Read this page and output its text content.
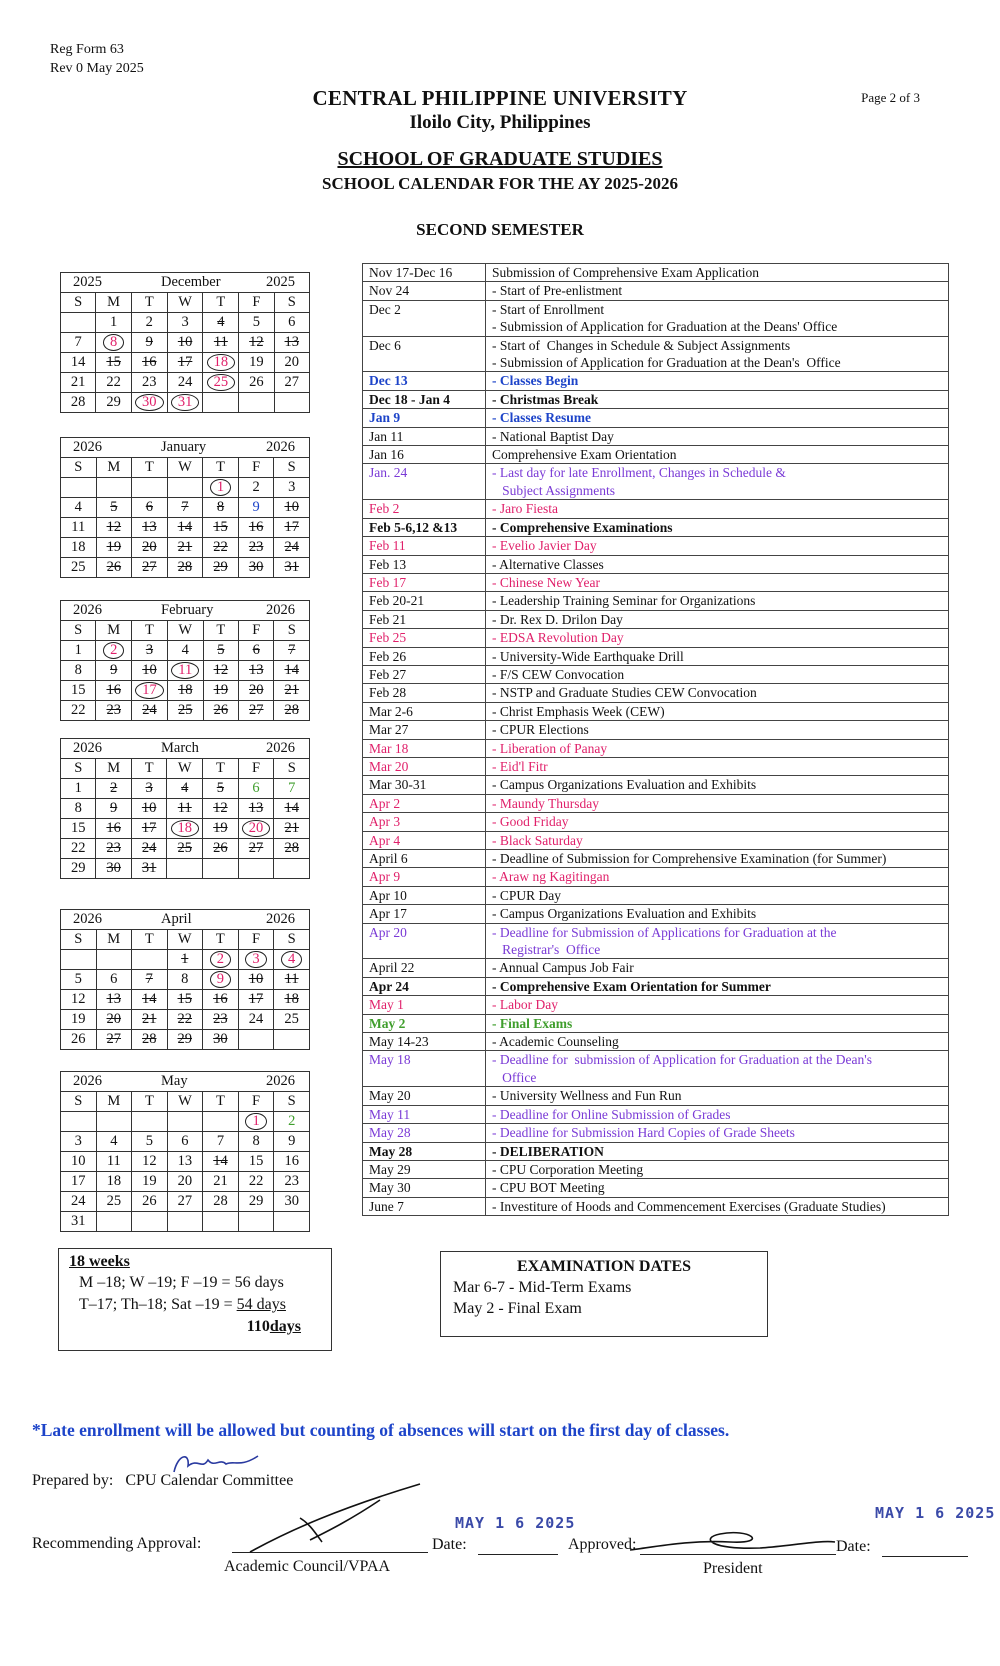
Reg Form 63
Rev 0 May 2025
Page 2 of 3
CENTRAL PHILIPPINE UNIVERSITY
Iloilo City, Philippines
SCHOOL OF GRADUATE STUDIES
SCHOOL CALENDAR FOR THE AY 2025-2026
SECOND SEMESTER
2025 December 2025						

S	M	T	W	T	F	S
	1	2	3	4	5	6
7	8	9	10	11	12	13
14	15	16	17	18	19	20
21	22	23	24	25	26	27
28	29	30	31			
2026 January 2026						

S	M	T	W	T	F	S
				1	2	3
4	5	6	7	8	9	10
11	12	13	14	15	16	17
18	19	20	21	22	23	24
25	26	27	28	29	30	31
2026 February 2026						

S	M	T	W	T	F	S
1	2	3	4	5	6	7
8	9	10	11	12	13	14
15	16	17	18	19	20	21
22	23	24	25	26	27	28
2026 March 2026						

S	M	T	W	T	F	S
1	2	3	4	5	6	7
8	9	10	11	12	13	14
15	16	17	18	19	20	21
22	23	24	25	26	27	28
29	30	31				
2026 April 2026						

S	M	T	W	T	F	S
			1	2	3	4
5	6	7	8	9	10	11
12	13	14	15	16	17	18
19	20	21	22	23	24	25
26	27	28	29	30		
2026 May 2026						

S	M	T	W	T	F	S
					1	2
3	4	5	6	7	8	9
10	11	12	13	14	15	16
17	18	19	20	21	22	23
24	25	26	27	28	29	30
31						
Nov 17-Dec 16	Submission of Comprehensive Exam Application

Nov 24	- Start of Pre-enlistment

Dec 2	- Start of Enrollment
- Submission of Application for Graduation at the Deans' Office

Dec 6	- Start of  Changes in Schedule & Subject Assignments
- Submission of Application for Graduation at the Dean's  Office

Dec 13	- Classes Begin

Dec 18 - Jan 4	- Christmas Break

Jan 9	- Classes Resume

Jan 11	- National Baptist Day

Jan 16	Comprehensive Exam Orientation

Jan. 24	- Last day for late Enrollment, Changes in Schedule &
Subject Assignments

Feb 2	- Jaro Fiesta

Feb 5-6,12 &13	- Comprehensive Examinations

Feb 11	- Evelio Javier Day

Feb 13	- Alternative Classes

Feb 17	- Chinese New Year

Feb 20-21	- Leadership Training Seminar for Organizations

Feb 21	- Dr. Rex D. Drilon Day

Feb 25	- EDSA Revolution Day

Feb 26	- University-Wide Earthquake Drill

Feb 27	- F/S CEW Convocation

Feb 28	- NSTP and Graduate Studies CEW Convocation

Mar 2-6	- Christ Emphasis Week (CEW)

Mar 27	- CPUR Elections

Mar 18	- Liberation of Panay

Mar 20	- Eid'l Fitr

Mar 30-31	- Campus Organizations Evaluation and Exhibits

Apr 2	- Maundy Thursday

Apr 3	- Good Friday

Apr 4	- Black Saturday

April 6	- Deadline of Submission for Comprehensive Examination (for Summer)

Apr 9	- Araw ng Kagitingan

Apr 10	- CPUR Day

Apr 17	- Campus Organizations Evaluation and Exhibits

Apr 20	- Deadline for Submission of Applications for Graduation at the
Registrar's  Office

April 22	- Annual Campus Job Fair

Apr 24	- Comprehensive Exam Orientation for Summer

May 1	- Labor Day

May 2	- Final Exams

May 14-23	- Academic Counseling

May 18	- Deadline for  submission of Application for Graduation at the Dean's
Office

May 20	- University Wellness and Fun Run

May 11	- Deadline for Online Submission of Grades

May 28	- Deadline for Submission Hard Copies of Grade Sheets

May 28	- DELIBERATION

May 29	- CPU Corporation Meeting

May 30	- CPU BOT Meeting

June 7	- Investiture of Hoods and Commencement Exercises (Graduate Studies)
18 weeks
M –18; W –19; F –19 = 56 days
T–17; Th–18; Sat –19 = 54 days
110days
EXAMINATION DATES
Mar 6-7 - Mid-Term Exams
May 2 - Final Exam
*Late enrollment will be allowed but counting of absences will start on the first day of classes.
Prepared by: CPU Calendar Committee
Recommending Approval:
Academic Council/VPAA
Date:
MAY 1 6 2025
Approved:
President
Date:
MAY 1 6 2025
